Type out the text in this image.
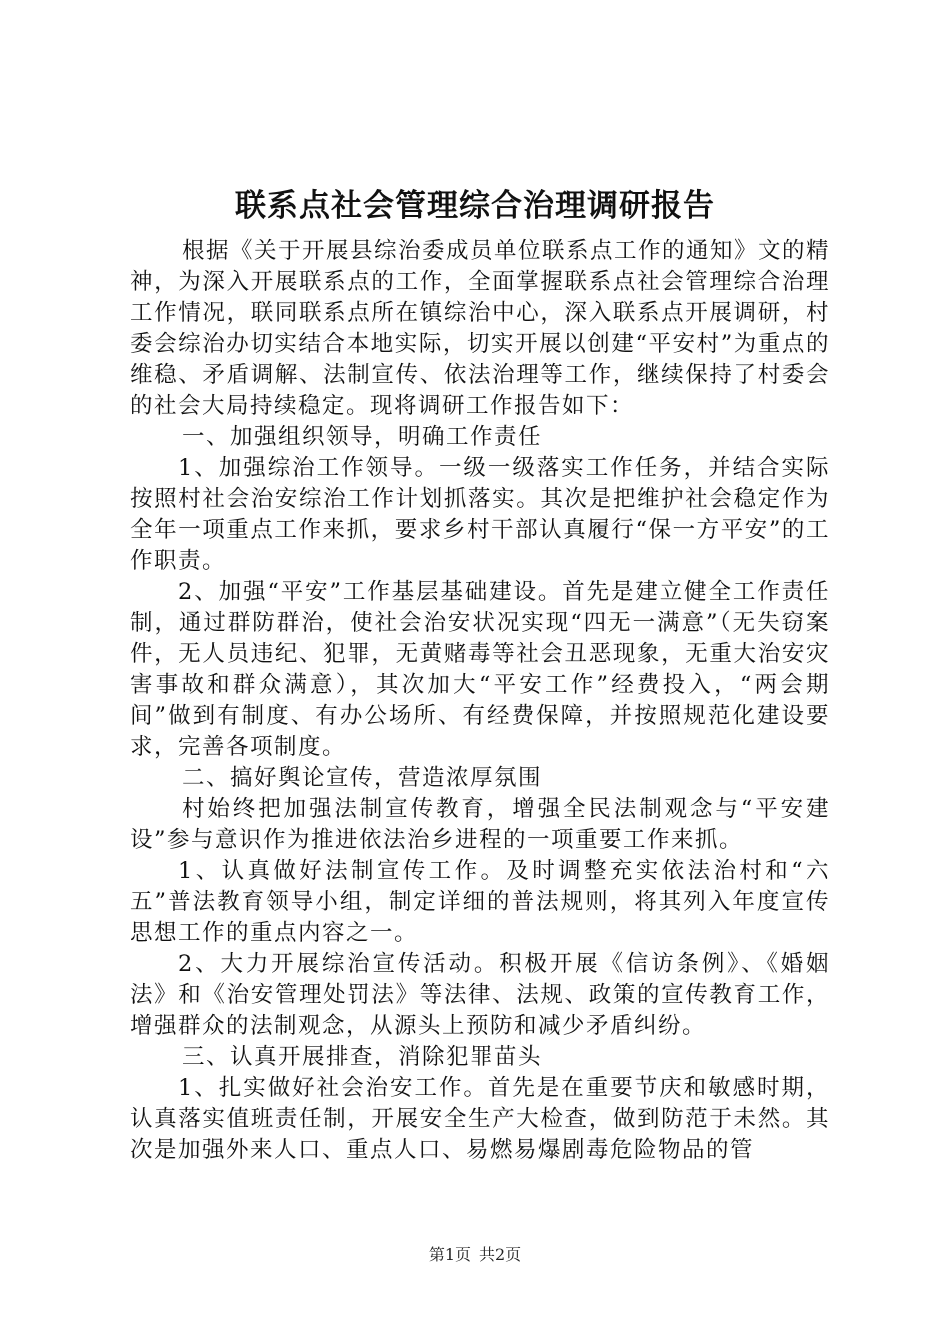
联系点社会管理综合治理调研报告

根据《关于开展县综治委成员单位联系点工作的通知》文的精神，为深入开展联系点的工作，全面掌握联系点社会管理综合治理工作情况，联同联系点所在镇综治中心，深入联系点开展调研，村委会综治办切实结合本地实际，切实开展以创建“平安村”为重点的维稳、矛盾调解、法制宣传、依法治理等工作，继续保持了村委会的社会大局持续稳定。现将调研工作报告如下：

一、加强组织领导，明确工作责任

1、加强综治工作领导。一级一级落实工作任务，并结合实际按照村社会治安综治工作计划抓落实。其次是把维护社会稳定作为全年一项重点工作来抓，要求乡村干部认真履行“保一方平安”的工作职责。

2、加强“平安”工作基层基础建设。首先是建立健全工作责任制，通过群防群治，使社会治安状况实现“四无一满意”（无失窃案件，无人员违纪、犯罪，无黄赌毒等社会丑恶现象，无重大治安灾害事故和群众满意），其次加大“平安工作”经费投入，“两会期间”做到有制度、有办公场所、有经费保障，并按照规范化建设要求，完善各项制度。

二、搞好舆论宣传，营造浓厚氛围

村始终把加强法制宣传教育，增强全民法制观念与“平安建设”参与意识作为推进依法治乡进程的一项重要工作来抓。

1、认真做好法制宣传工作。及时调整充实依法治村和“六五”普法教育领导小组，制定详细的普法规则，将其列入年度宣传思想工作的重点内容之一。

2、大力开展综治宣传活动。积极开展《信访条例》、《婚姻法》和《治安管理处罚法》等法律、法规、政策的宣传教育工作，增强群众的法制观念，从源头上预防和减少矛盾纠纷。

三、认真开展排查，消除犯罪苗头

1、扎实做好社会治安工作。首先是在重要节庆和敏感时期，认真落实值班责任制，开展安全生产大检查，做到防范于未然。其次是加强外来人口、重点人口、易燃易爆剧毒危险物品的管

第1页 共2页
